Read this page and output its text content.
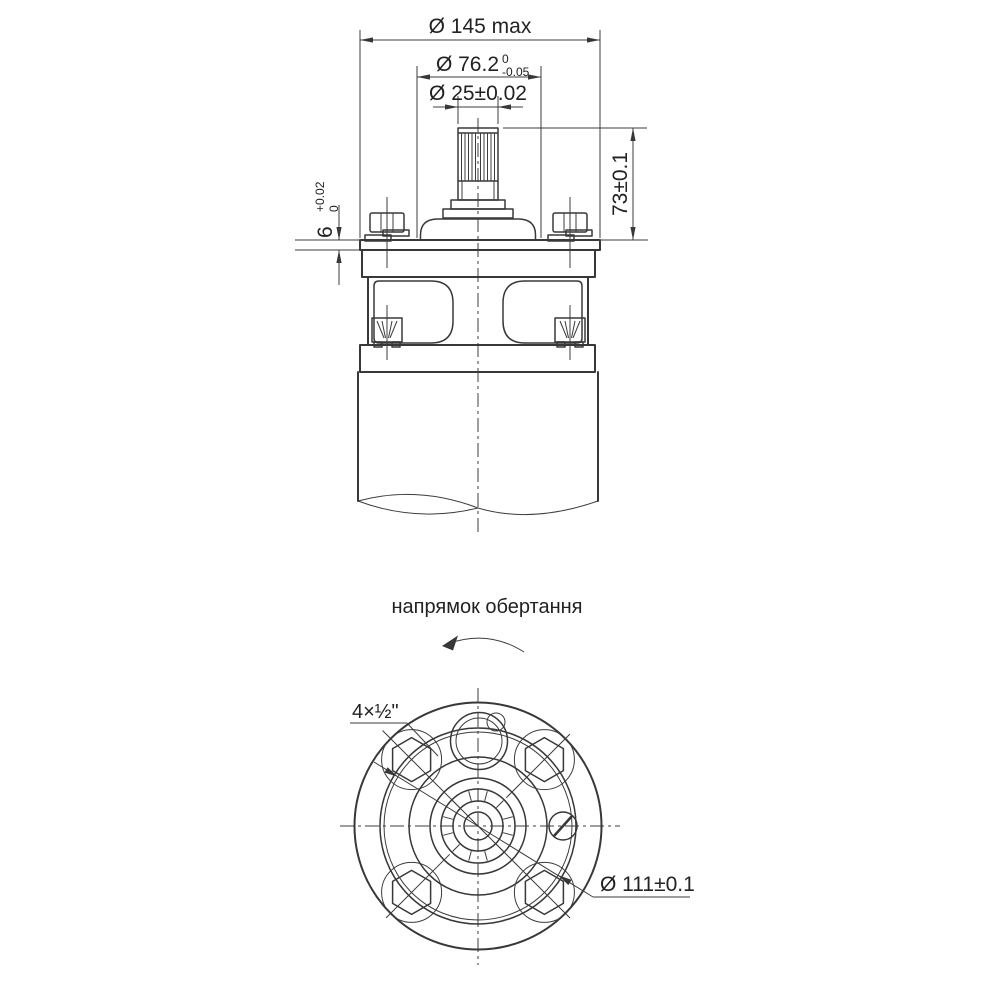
Ø 145 max
Ø 76.2 0
-0.05
Ø 25±0.02
73±0.1
6
+0.02 0
напрямок обертання
Ø 111±0.1
4×½"
